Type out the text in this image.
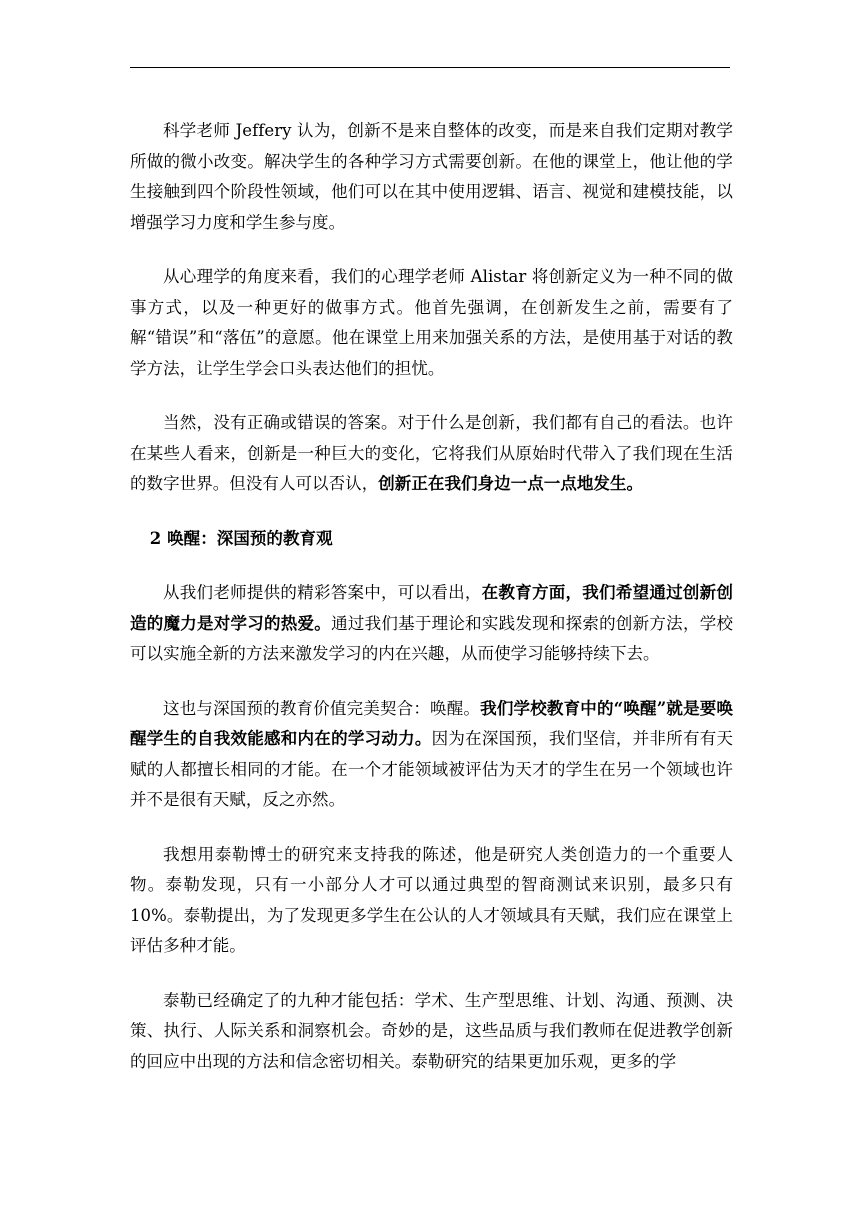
科学老师 Jeffery 认为，创新不是来自整体的改变，而是来自我们定期对教学所做的微小改变。解决学生的各种学习方式需要创新。在他的课堂上，他让他的学生接触到四个阶段性领域，他们可以在其中使用逻辑、语言、视觉和建模技能，以增强学习力度和学生参与度。

从心理学的角度来看，我们的心理学老师 Alistar 将创新定义为一种不同的做事方式，以及一种更好的做事方式。他首先强调，在创新发生之前，需要有了解“错误”和“落伍”的意愿。他在课堂上用来加强关系的方法，是使用基于对话的教学方法，让学生学会口头表达他们的担忧。

当然，没有正确或错误的答案。对于什么是创新，我们都有自己的看法。也许在某些人看来，创新是一种巨大的变化，它将我们从原始时代带入了我们现在生活的数字世界。但没有人可以否认，创新正在我们身边一点一点地发生。

2 唤醒：深国预的教育观

从我们老师提供的精彩答案中，可以看出，在教育方面，我们希望通过创新创造的魔力是对学习的热爱。通过我们基于理论和实践发现和探索的创新方法，学校可以实施全新的方法来激发学习的内在兴趣，从而使学习能够持续下去。

这也与深国预的教育价值完美契合：唤醒。我们学校教育中的“唤醒”就是要唤醒学生的自我效能感和内在的学习动力。因为在深国预，我们坚信，并非所有有天赋的人都擅长相同的才能。在一个才能领域被评估为天才的学生在另一个领域也许并不是很有天赋，反之亦然。

我想用泰勒博士的研究来支持我的陈述，他是研究人类创造力的一个重要人物。泰勒发现，只有一小部分人才可以通过典型的智商测试来识别，最多只有 10%。泰勒提出，为了发现更多学生在公认的人才领域具有天赋，我们应在课堂上评估多种才能。

泰勒已经确定了的九种才能包括：学术、生产型思维、计划、沟通、预测、决策、执行、人际关系和洞察机会。奇妙的是，这些品质与我们教师在促进教学创新的回应中出现的方法和信念密切相关。泰勒研究的结果更加乐观，更多的学
